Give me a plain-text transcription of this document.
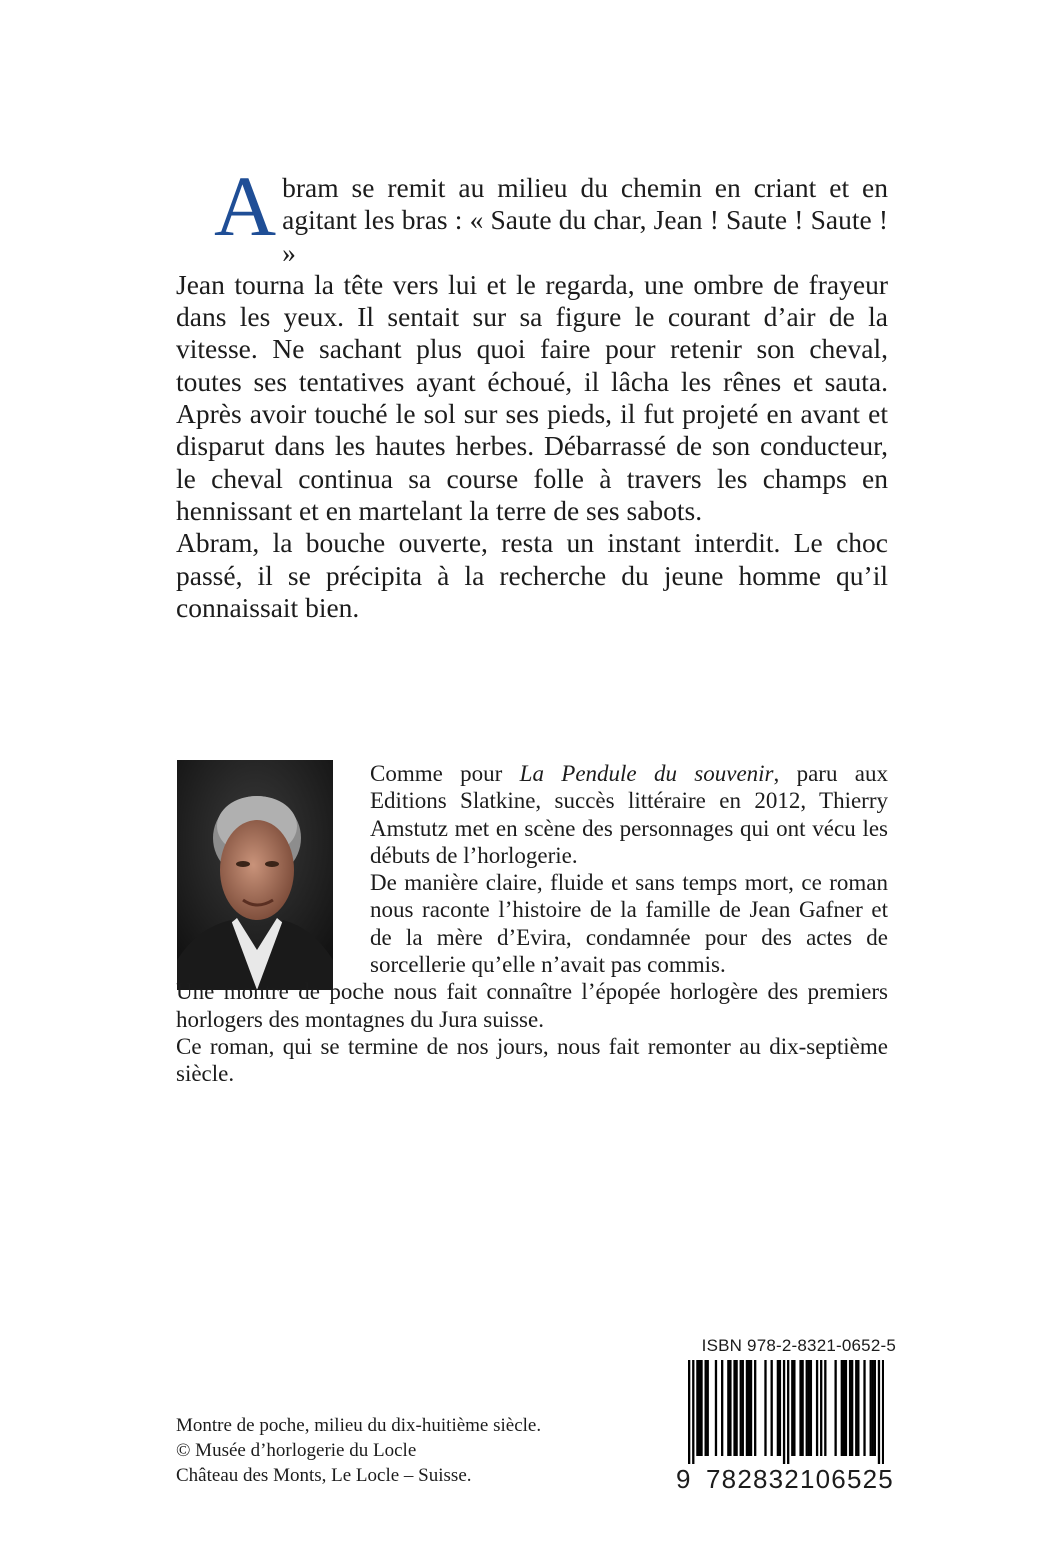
Abram se remit au milieu du chemin en criant et en agitant les bras : « Saute du char, Jean ! Saute ! Saute ! »

Jean tourna la tête vers lui et le regarda, une ombre de frayeur dans les yeux. Il sentait sur sa figure le courant d’air de la vitesse. Ne sachant plus quoi faire pour retenir son cheval, toutes ses tentatives ayant échoué, il lâcha les rênes et sauta. Après avoir touché le sol sur ses pieds, il fut projeté en avant et disparut dans les hautes herbes. Débarrassé de son conducteur, le cheval continua sa course folle à travers les champs en hennissant et en martelant la terre de ses sabots.

Abram, la bouche ouverte, resta un instant interdit. Le choc passé, il se précipita à la recherche du jeune homme qu’il connaissait bien.

Comme pour La Pendule du souvenir, paru aux Editions Slatkine, succès littéraire en 2012, Thierry Amstutz met en scène des personnages qui ont vécu les débuts de l’horlogerie.

De manière claire, fluide et sans temps mort, ce roman nous raconte l’histoire de la famille de Jean Gafner et de la mère d’Evira, condamnée pour des actes de sorcellerie qu’elle n’avait pas commis.

Une montre de poche nous fait connaître l’épopée horlogère des premiers horlogers des montagnes du Jura suisse.

Ce roman, qui se termine de nos jours, nous fait remonter au dix-septième siècle.

Montre de poche, milieu du dix-huitième siècle.
© Musée d’horlogerie du Locle
Château des Monts, Le Locle – Suisse.
ISBN 978-2-8321-0652-5
9 782832106525
